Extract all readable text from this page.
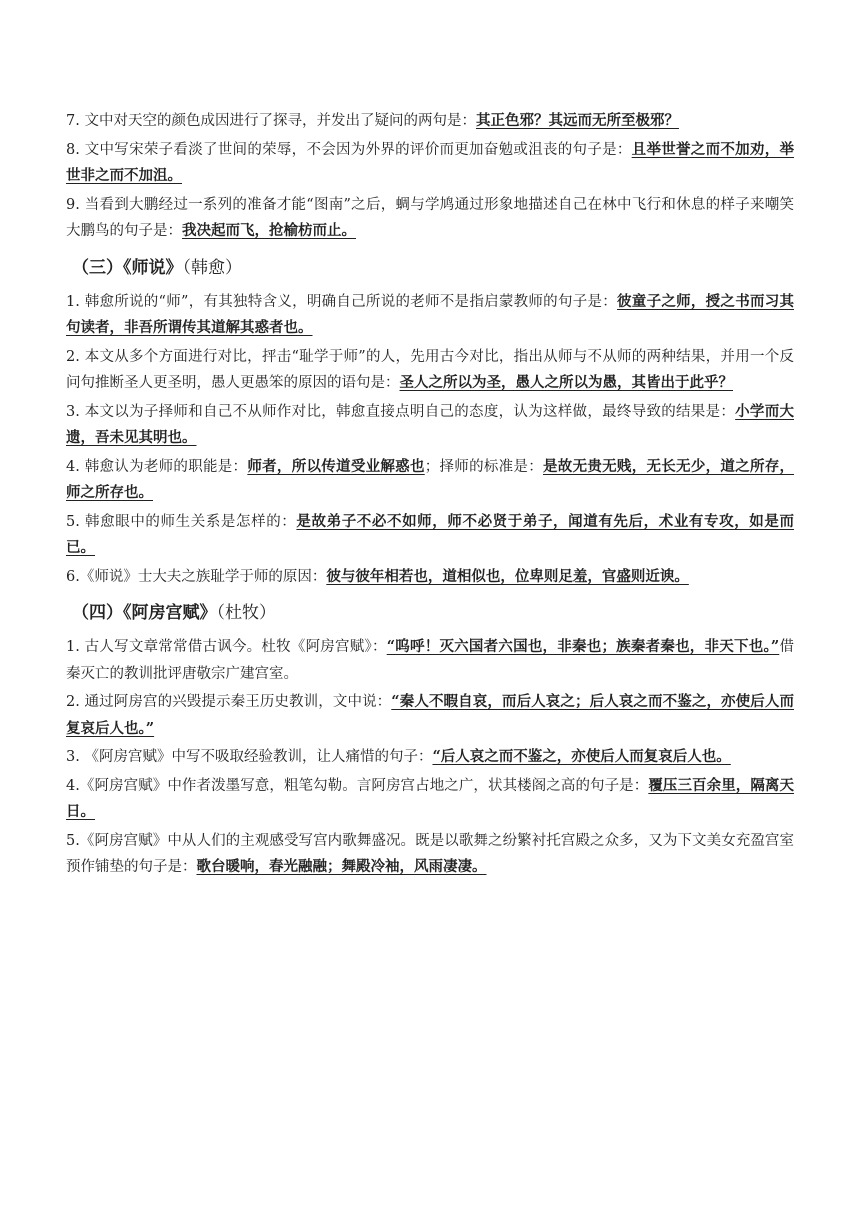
7. 文中对天空的颜色成因进行了探寻，并发出了疑问的两句是：其正色邪？其远而无所至极邪？

8. 文中写宋荣子看淡了世间的荣辱，不会因为外界的评价而更加奋勉或沮丧的句子是：且举世誉之而不加劝，举世非之而不加沮。

9. 当看到大鹏经过一系列的准备才能“图南”之后，蜩与学鸠通过形象地描述自己在林中飞行和休息的样子来嘲笑大鹏鸟的句子是：我决起而飞，抢榆枋而止。

（三）《师说》（韩愈）

1. 韩愈所说的“师”，有其独特含义，明确自己所说的老师不是指启蒙教师的句子是：彼童子之师，授之书而习其句读者，非吾所谓传其道解其惑者也。

2. 本文从多个方面进行对比，抨击“耻学于师”的人，先用古今对比，指出从师与不从师的两种结果，并用一个反问句推断圣人更圣明，愚人更愚笨的原因的语句是：圣人之所以为圣，愚人之所以为愚，其皆出于此乎？

3. 本文以为子择师和自己不从师作对比，韩愈直接点明自己的态度，认为这样做，最终导致的结果是：小学而大遗，吾未见其明也。

4. 韩愈认为老师的职能是：师者，所以传道受业解惑也；择师的标准是：是故无贵无贱，无长无少，道之所存，师之所存也。

5. 韩愈眼中的师生关系是怎样的：是故弟子不必不如师，师不必贤于弟子，闻道有先后，术业有专攻，如是而已。

6.《师说》士大夫之族耻学于师的原因：彼与彼年相若也，道相似也，位卑则足羞，官盛则近谀。

（四）《阿房宫赋》（杜牧）

1. 古人写文章常常借古讽今。杜牧《阿房宫赋》：“呜呼！灭六国者六国也，非秦也；族秦者秦也，非天下也。”借秦灭亡的教训批评唐敬宗广建宫室。

2. 通过阿房宫的兴毁提示秦王历史教训，文中说：“秦人不暇自哀，而后人哀之；后人哀之而不鉴之，亦使后人而复哀后人也。”

3. 《阿房宫赋》中写不吸取经验教训，让人痛惜的句子：“后人哀之而不鉴之，亦使后人而复哀后人也。

4.《阿房宫赋》中作者泼墨写意，粗笔勾勒。言阿房宫占地之广，状其楼阁之高的句子是：覆压三百余里，隔离天日。

5.《阿房宫赋》中从人们的主观感受写宫内歌舞盛况。既是以歌舞之纷繁衬托宫殿之众多，又为下文美女充盈宫室预作铺垫的句子是：歌台暖响，春光融融；舞殿冷袖，风雨凄凄。
